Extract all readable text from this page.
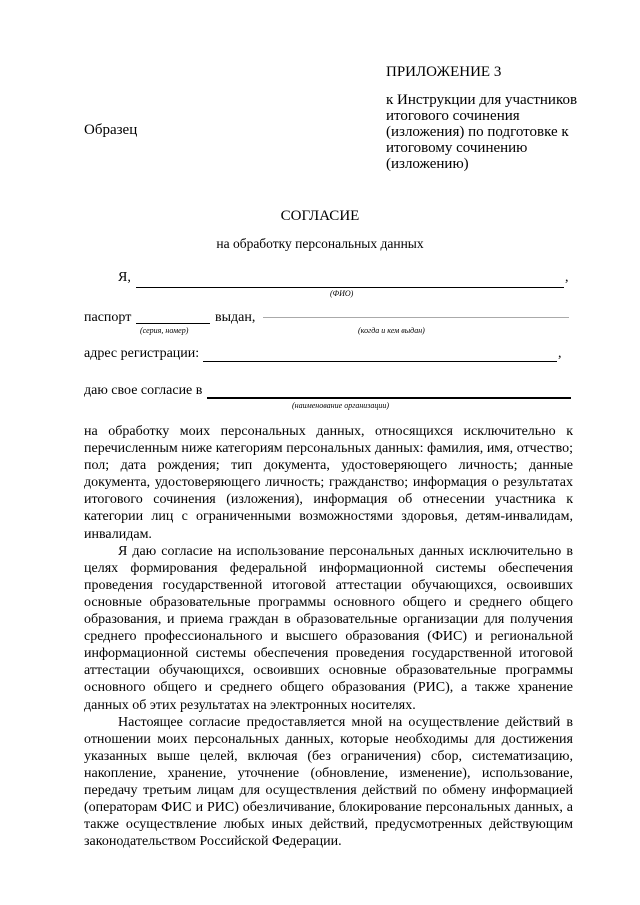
ПРИЛОЖЕНИЕ 3
к Инструкции для участников
итогового сочинения
(изложения) по подготовке к
итоговому сочинению
(изложению)
Образец
СОГЛАСИЕ
на обработку персональных данных
Я,	,
(ФИО)
паспорт	выдан,
(серия, номер)	(когда и кем выдан)
адрес регистрации:	,
даю свое согласие в
(наименование организации)

на обработку моих персональных данных, относящихся исключительно к перечисленным ниже категориям персональных данных: фамилия, имя, отчество; пол; дата рождения; тип документа, удостоверяющего личность; данные документа, удостоверяющего личность; гражданство; информация о результатах итогового сочинения (изложения), информация об отнесении участника к категории лиц с ограниченными возможностями здоровья, детям-инвалидам, инвалидам.

Я даю согласие на использование персональных данных исключительно в целях формирования федеральной информационной системы обеспечения проведения государственной итоговой аттестации обучающихся, освоивших основные образовательные программы основного общего и среднего общего образования, и приема граждан в образовательные организации для получения среднего профессионального и высшего образования (ФИС) и региональной информационной системы обеспечения проведения государственной итоговой аттестации обучающихся, освоивших основные образовательные программы основного общего и среднего общего образования (РИС), а также хранение данных об этих результатах на электронных носителях.

Настоящее согласие предоставляется мной на осуществление действий в отношении моих персональных данных, которые необходимы для достижения указанных выше целей, включая (без ограничения) сбор, систематизацию, накопление, хранение, уточнение (обновление, изменение), использование, передачу третьим лицам для осуществления действий по обмену информацией (операторам ФИС и РИС) обезличивание, блокирование персональных данных, а также осуществление любых иных действий, предусмотренных действующим законодательством Российской Федерации.
